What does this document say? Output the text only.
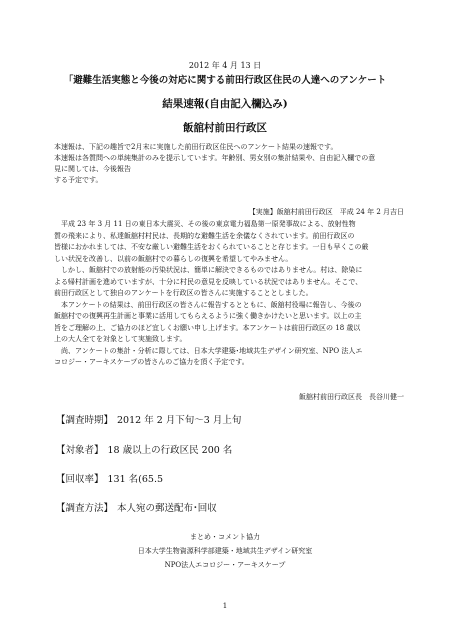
2012 年 4 月 13 日
「避難生活実態と今後の対応に関する前田行政区住民の人達へのアンケート
結果速報(自由記入欄込み)
飯舘村前田行政区

本速報は、下記の趣旨で2月末に実施した前田行政区住民へのアンケート結果の速報です。

本速報は各質問への単純集計のみを提示しています。年齢別、男女別の集計結果や、自由記入欄での意

見に関しては、今後報告

する予定です。

【実施】飯舘村前田行政区　平成 24 年 2 月吉日

　平成 23 年 3 月 11 日の東日本大震災、その後の東京電力福島第一原発事故による、放射性物

質の飛来により、私達飯舘村村民は、長期的な避難生活を余儀なくされています。前田行政区の

皆様におかれましては、不安な厳しい避難生活をおくられていることと存じます。一日も早くこの厳

しい状況を改善し、以前の飯舘村での暮らしの復興を希望してやみません。

　しかし、飯舘村での放射能の汚染状況は、簡単に解決できるものではありません。村は、除染に

よる帰村計画を進めていますが、十分に村民の意見を反映している状況ではありません。そこで、

前田行政区として独自のアンケートを行政区の皆さんに実施することとしました。

　本アンケートの結果は、前田行政区の皆さんに報告するとともに、飯舘村役場に報告し、今後の

飯舘村での復興再生計画と事業に活用してもらえるように強く働きかけたいと思います。以上の主

旨をご理解の上、ご協力のほど宜しくお願い申し上げます。本アンケートは前田行政区の 18 歳以

上の大人全てを対象として実施致します。

　尚、アンケートの集計・分析に際しては、日本大学建築･地域共生デザイン研究室、NPO 法人エ

コロジー・アーキスケープの皆さんのご協力を頂く予定です。

飯舘村前田行政区長　長谷川健一
【調査時期】 2012 年 2 月下旬〜3 月上旬
【対象者】 18 歳以上の行政区民 200 名
【回収率】 131 名(65.5
【調査方法】 本人宛の郵送配布･回収
まとめ・コメント協力
日本大学生物資源科学部建築・地域共生デザイン研究室
NPO法人エコロジー・アーキスケープ
1
